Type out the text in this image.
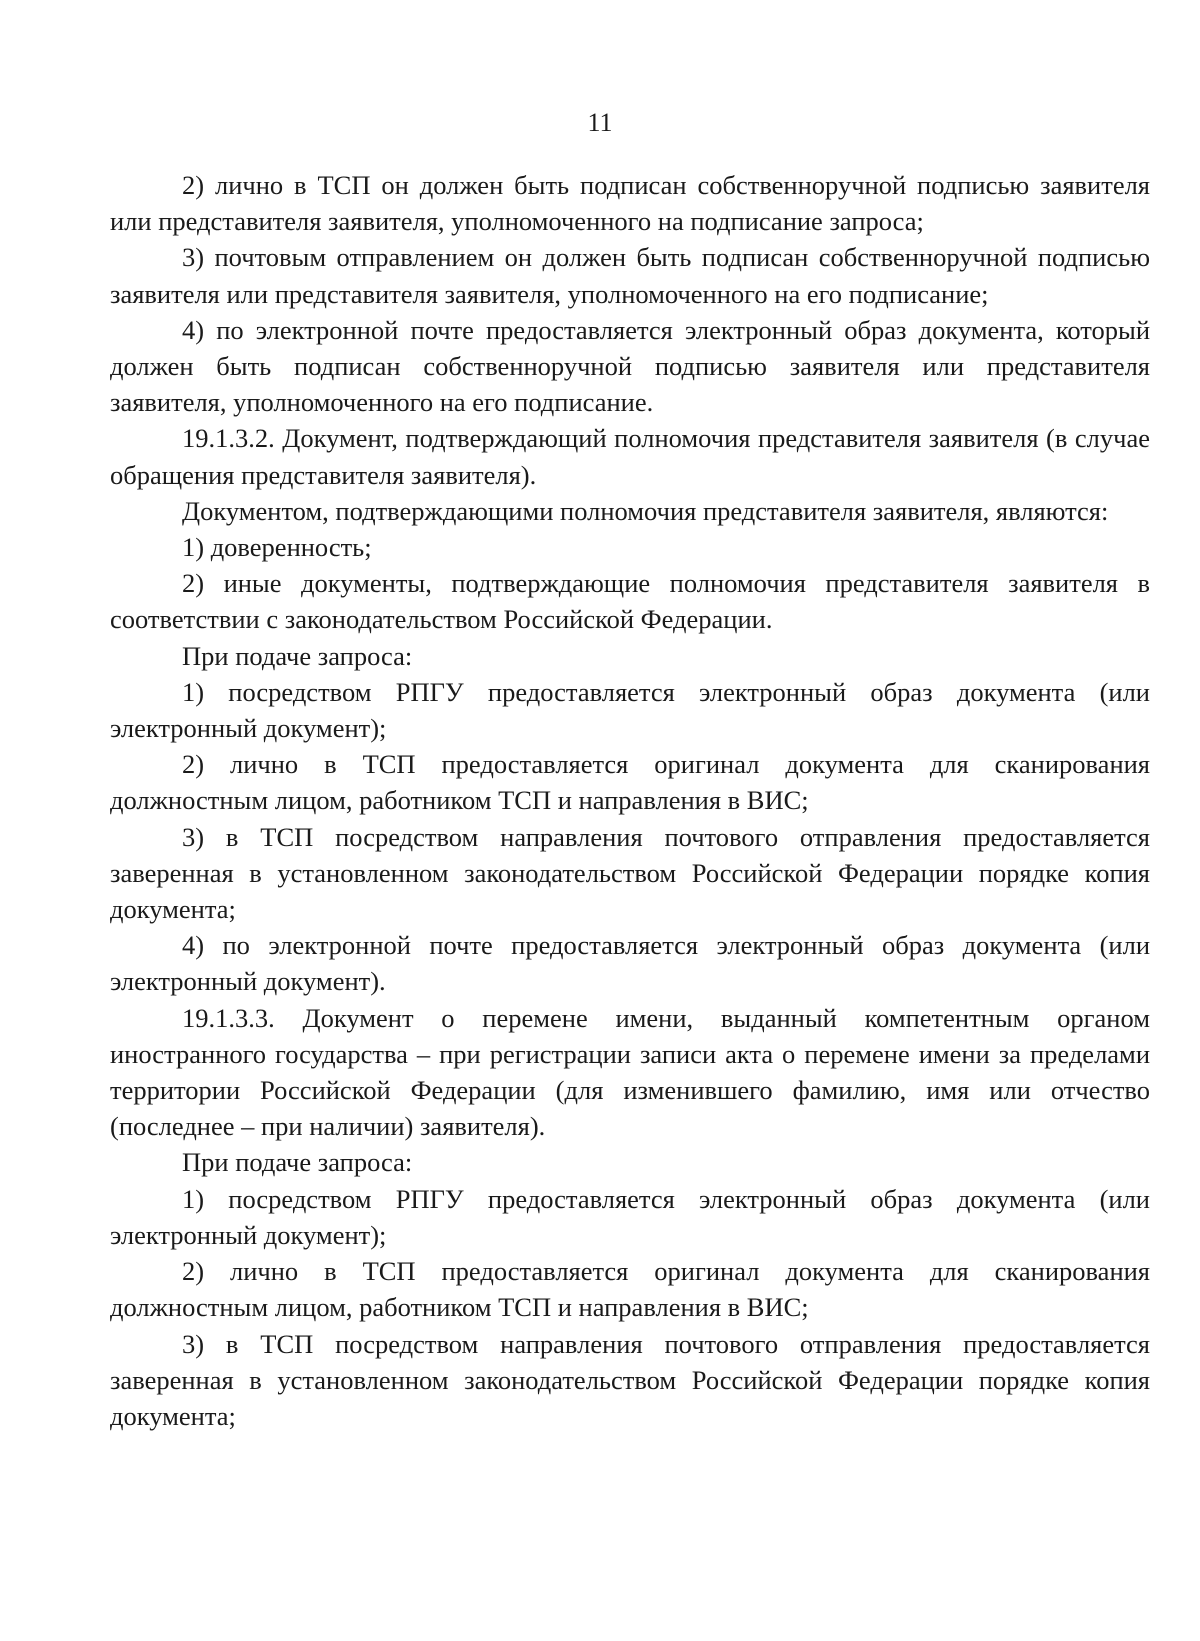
11

2) лично в ТСП он должен быть подписан собственноручной подписью заявителя или представителя заявителя, уполномоченного на подписание запроса;

3) почтовым отправлением он должен быть подписан собственноручной подписью заявителя или представителя заявителя, уполномоченного на его подписание;

4) по электронной почте предоставляется электронный образ документа, который должен быть подписан собственноручной подписью заявителя или представителя заявителя, уполномоченного на его подписание.

19.1.3.2. Документ, подтверждающий полномочия представителя заявителя (в случае обращения представителя заявителя).

Документом, подтверждающими полномочия представителя заявителя, являются:

1) доверенность;

2) иные документы, подтверждающие полномочия представителя заявителя в соответствии с законодательством Российской Федерации.

При подаче запроса:

1) посредством РПГУ предоставляется электронный образ документа (или электронный документ);

2) лично в ТСП предоставляется оригинал документа для сканирования должностным лицом, работником ТСП и направления в ВИС;

3) в ТСП посредством направления почтового отправления предоставляется заверенная в установленном законодательством Российской Федерации порядке копия документа;

4) по электронной почте предоставляется электронный образ документа (или электронный документ).

19.1.3.3. Документ о перемене имени, выданный компетентным органом иностранного государства – при регистрации записи акта о перемене имени за пределами территории Российской Федерации (для изменившего фамилию, имя или отчество (последнее – при наличии) заявителя).

При подаче запроса:

1) посредством РПГУ предоставляется электронный образ документа (или электронный документ);

2) лично в ТСП предоставляется оригинал документа для сканирования должностным лицом, работником ТСП и направления в ВИС;

3) в ТСП посредством направления почтового отправления предоставляется заверенная в установленном законодательством Российской Федерации порядке копия документа;
